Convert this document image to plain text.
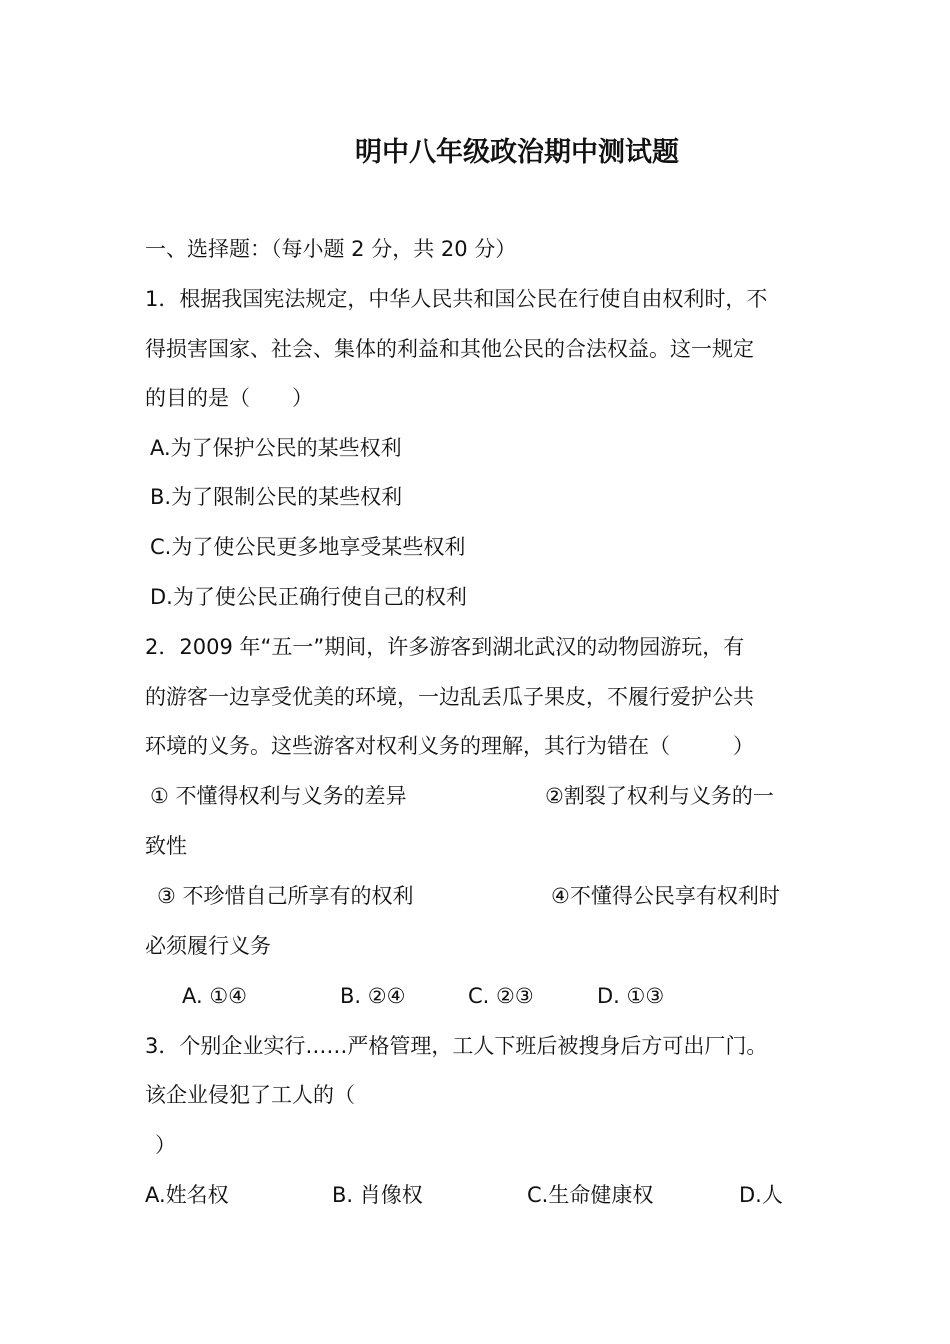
明中八年级政治期中测试题
一、选择题：（每小题 2 分，共 20 分）
1．根据我国宪法规定，中华人民共和国公民在行使自由权利时，不
得损害国家、社会、集体的利益和其他公民的合法权益。这一规定
的目的是（　　）
A.为了保护公民的某些权利
B.为了限制公民的某些权利
C.为了使公民更多地享受某些权利
D.为了使公民正确行使自己的权利
2．2009 年“五一”期间，许多游客到湖北武汉的动物园游玩，有
的游客一边享受优美的环境，一边乱丢瓜子果皮，不履行爱护公共
环境的义务。这些游客对权利义务的理解，其行为错在（　　　）
① 不懂得权利与义务的差异	②割裂了权利与义务的一
致性
③ 不珍惜自己所享有的权利	④不懂得公民享有权利时
必须履行义务
A. ①④	B. ②④	C. ②③	D. ①③
3．个别企业实行……严格管理，工人下班后被搜身后方可出厂门。
该企业侵犯了工人的（
）
A.姓名权	B. 肖像权	C.生命健康权	D.人
